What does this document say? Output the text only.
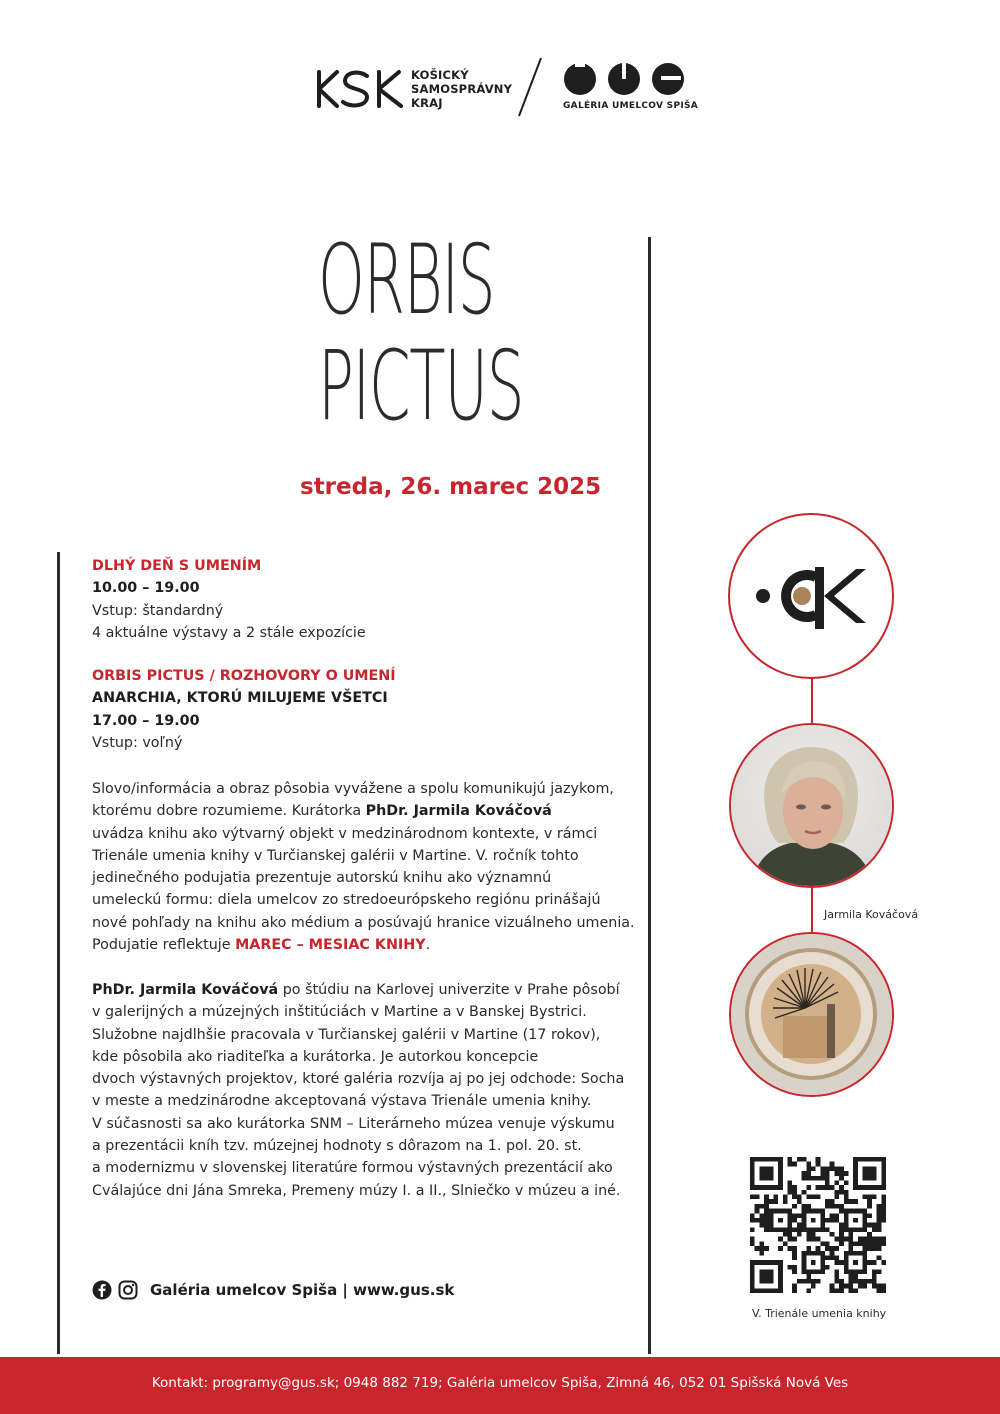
KOŠICKÝ
SAMOSPRÁVNY
KRAJ	GALÉRIA UMELCOV SPIŠA
ORBIS
PICTUS
streda, 26. marec 2025
DLHÝ DEŇ S UMENÍM
10.00 – 19.00
Vstup: štandardný
4 aktuálne výstavy a 2 stále expozície
ORBIS PICTUS / ROZHOVORY O UMENÍ
ANARCHIA, KTORÚ MILUJEME VŠETCI
17.00 – 19.00
Vstup: voľný
Slovo/informácia a obraz pôsobia vyvážene a spolu komunikujú jazykom,
ktorému dobre rozumieme. Kurátorka PhDr. Jarmila Kováčová
uvádza knihu ako výtvarný objekt v medzinárodnom kontexte, v rámci
Trienále umenia knihy v Turčianskej galérii v Martine. V. ročník tohto
jedinečného podujatia prezentuje autorskú knihu ako významnú
umeleckú formu: diela umelcov zo stredoeurópskeho regiónu prinášajú
nové pohľady na knihu ako médium a posúvajú hranice vizuálneho umenia.
Podujatie reflektuje MAREC – MESIAC KNIHY.
PhDr. Jarmila Kováčová po štúdiu na Karlovej univerzite v Prahe pôsobí
v galerijných a múzejných inštitúciách v Martine a v Banskej Bystrici.
Služobne najdlhšie pracovala v Turčianskej galérii v Martine (17 rokov),
kde pôsobila ako riaditeľka a kurátorka. Je autorkou koncepcie
dvoch výstavných projektov, ktoré galéria rozvíja aj po jej odchode: Socha
v meste a medzinárodne akceptovaná výstava Trienále umenia knihy.
V súčasnosti sa ako kurátorka SNM – Literárneho múzea venuje výskumu
a prezentácii kníh tzv. múzejnej hodnoty s dôrazom na 1. pol. 20. st.
a modernizmu v slovenskej literatúre formou výstavných prezentácií ako
Cválajúce dni Jána Smreka, Premeny múzy I. a II., Slniečko v múzeu a iné.
Galéria umelcov Spiša | www.gus.sk
Jarmila Kováčová
V. Trienále umenia knihy
Kontakt: programy@gus.sk; 0948 882 719; Galéria umelcov Spiša, Zimná 46, 052 01 Spišská Nová Ves
